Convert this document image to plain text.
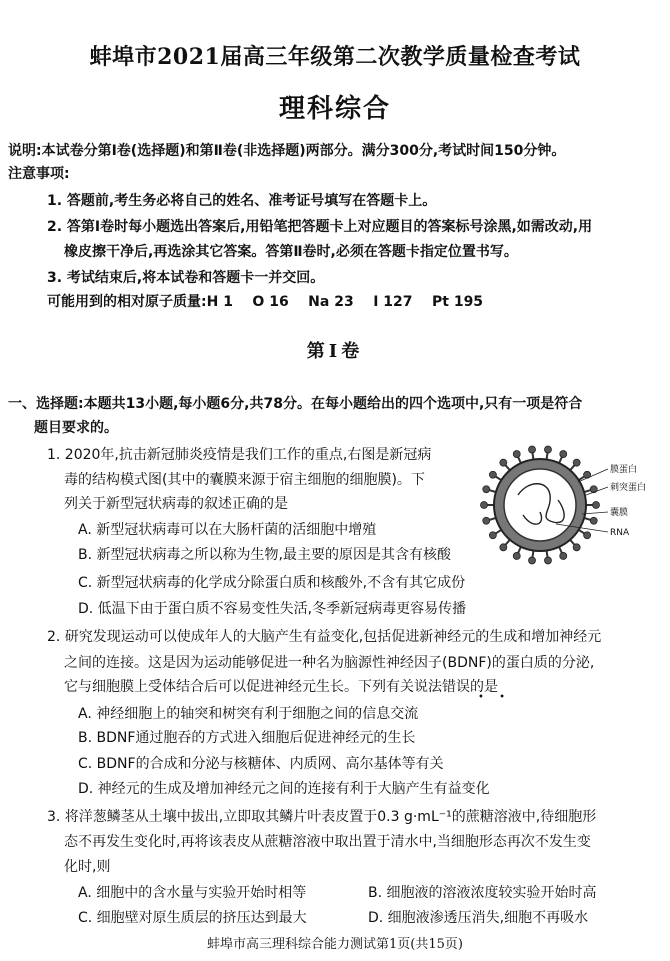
蚌埠市2021届高三年级第二次教学质量检查考试
理科综合
说明:本试卷分第Ⅰ卷(选择题)和第Ⅱ卷(非选择题)两部分。满分300分,考试时间150分钟。
注意事项:
1. 答题前,考生务必将自己的姓名、准考证号填写在答题卡上。
2. 答第Ⅰ卷时每小题选出答案后,用铅笔把答题卡上对应题目的答案标号涂黑,如需改动,用
橡皮擦干净后,再选涂其它答案。答第Ⅱ卷时,必须在答题卡指定位置书写。
3. 考试结束后,将本试卷和答题卡一并交回。
可能用到的相对原子质量:H 1    O 16    Na 23    I 127    Pt 195
第Ⅰ卷
一、选择题:本题共13小题,每小题6分,共78分。在每小题给出的四个选项中,只有一项是符合
题目要求的。
1. 2020年,抗击新冠肺炎疫情是我们工作的重点,右图是新冠病
毒的结构模式图(其中的囊膜来源于宿主细胞的细胞膜)。下
列关于新型冠状病毒的叙述正确的是
A. 新型冠状病毒可以在大肠杆菌的活细胞中增殖
B. 新型冠状病毒之所以称为生物,最主要的原因是其含有核酸
C. 新型冠状病毒的化学成分除蛋白质和核酸外,不含有其它成份
D. 低温下由于蛋白质不容易变性失活,冬季新冠病毒更容易传播
膜蛋白
刺突蛋白
囊膜
RNA
2. 研究发现运动可以使成年人的大脑产生有益变化,包括促进新神经元的生成和增加神经元
之间的连接。这是因为运动能够促进一种名为脑源性神经因子(BDNF)的蛋白质的分泌,
它与细胞膜上受体结合后可以促进神经元生长。下列有关说法错误的是
• •
A. 神经细胞上的轴突和树突有利于细胞之间的信息交流
B. BDNF通过胞吞的方式进入细胞后促进神经元的生长
C. BDNF的合成和分泌与核糖体、内质网、高尔基体等有关
D. 神经元的生成及增加神经元之间的连接有利于大脑产生有益变化
3. 将洋葱鳞茎从土壤中拔出,立即取其鳞片叶表皮置于0.3 g·mL⁻¹的蔗糖溶液中,待细胞形
态不再发生变化时,再将该表皮从蔗糖溶液中取出置于清水中,当细胞形态再次不发生变
化时,则
A. 细胞中的含水量与实验开始时相等	B. 细胞液的溶液浓度较实验开始时高
C. 细胞壁对原生质层的挤压达到最大	D. 细胞液渗透压消失,细胞不再吸水
蚌埠市高三理科综合能力测试第1页(共15页)
